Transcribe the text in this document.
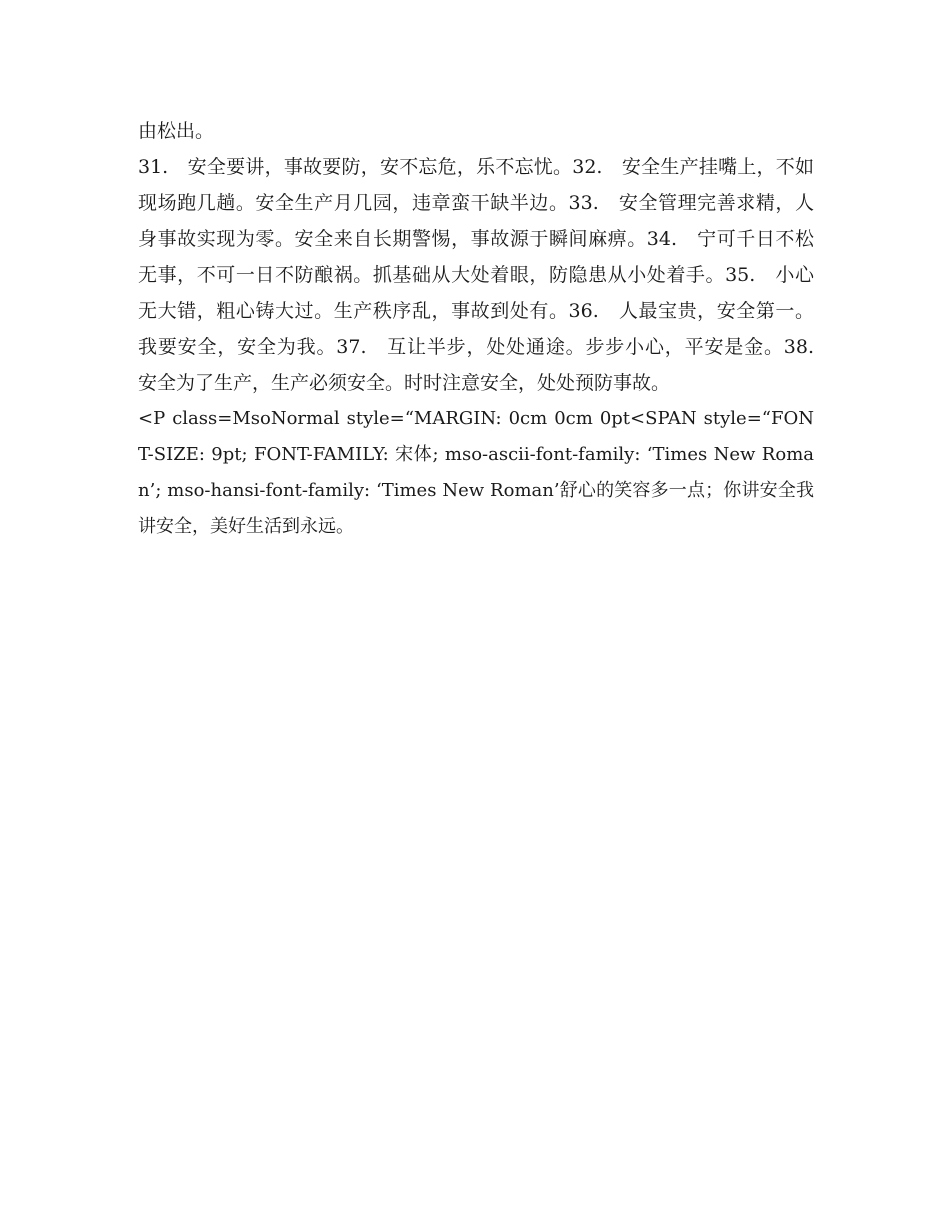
由松出。

31.　安全要讲，事故要防，安不忘危，乐不忘忧。32.　安全生产挂嘴上，不如现场跑几趟。安全生产月几园，违章蛮干缺半边。33.　安全管理完善求精，人身事故实现为零。安全来自长期警惕，事故源于瞬间麻痹。34.　宁可千日不松无事，不可一日不防酿祸。抓基础从大处着眼，防隐患从小处着手。35.　小心无大错，粗心铸大过。生产秩序乱，事故到处有。36.　人最宝贵，安全第一。我要安全，安全为我。37.　互让半步，处处通途。步步小心，平安是金。38.　安全为了生产，生产必须安全。时时注意安全，处处预防事故。

<P class=MsoNormal style=“MARGIN: 0cm 0cm 0pt<SPAN style=“FONT-SIZE: 9pt; FONT-FAMILY: 宋体; mso-ascii-font-family: ‘Times New Roman’; mso-hansi-font-family: ‘Times New Roman’舒心的笑容多一点；你讲安全我讲安全，美好生活到永远。
